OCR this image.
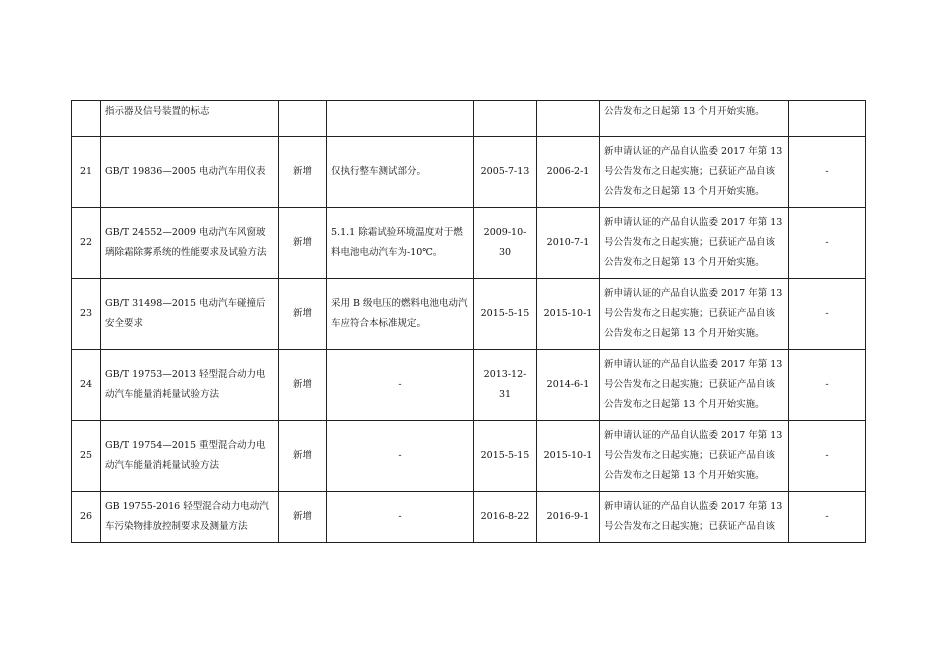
	指示器及信号装置的标志					公告发布之日起第 13 个月开始实施。	
21	GB/T 19836—2005 电动汽车用仪表	新增	仅执行整车测试部分。	2005-7-13	2006-2-1	新申请认证的产品自认监委 2017 年第 13 号公告发布之日起实施；已获证产品自该公告发布之日起第 13 个月开始实施。	-
22	GB/T 24552—2009 电动汽车风窗玻璃除霜除雾系统的性能要求及试验方法	新增	5.1.1 除霜试验环境温度对于燃料电池电动汽车为-10℃。	2009-10-30	2010-7-1	新申请认证的产品自认监委 2017 年第 13 号公告发布之日起实施；已获证产品自该公告发布之日起第 13 个月开始实施。	-
23	GB/T 31498—2015 电动汽车碰撞后安全要求	新增	采用 B 级电压的燃料电池电动汽车应符合本标准规定。	2015-5-15	2015-10-1	新申请认证的产品自认监委 2017 年第 13 号公告发布之日起实施；已获证产品自该公告发布之日起第 13 个月开始实施。	-
24	GB/T 19753—2013 轻型混合动力电动汽车能量消耗量试验方法	新增	-	2013-12-31	2014-6-1	新申请认证的产品自认监委 2017 年第 13 号公告发布之日起实施；已获证产品自该公告发布之日起第 13 个月开始实施。	-
25	GB/T 19754—2015 重型混合动力电动汽车能量消耗量试验方法	新增	-	2015-5-15	2015-10-1	新申请认证的产品自认监委 2017 年第 13 号公告发布之日起实施；已获证产品自该公告发布之日起第 13 个月开始实施。	-
26	GB 19755-2016 轻型混合动力电动汽车污染物排放控制要求及测量方法	新增	-	2016-8-22	2016-9-1	新申请认证的产品自认监委 2017 年第 13 号公告发布之日起实施；已获证产品自该	-
